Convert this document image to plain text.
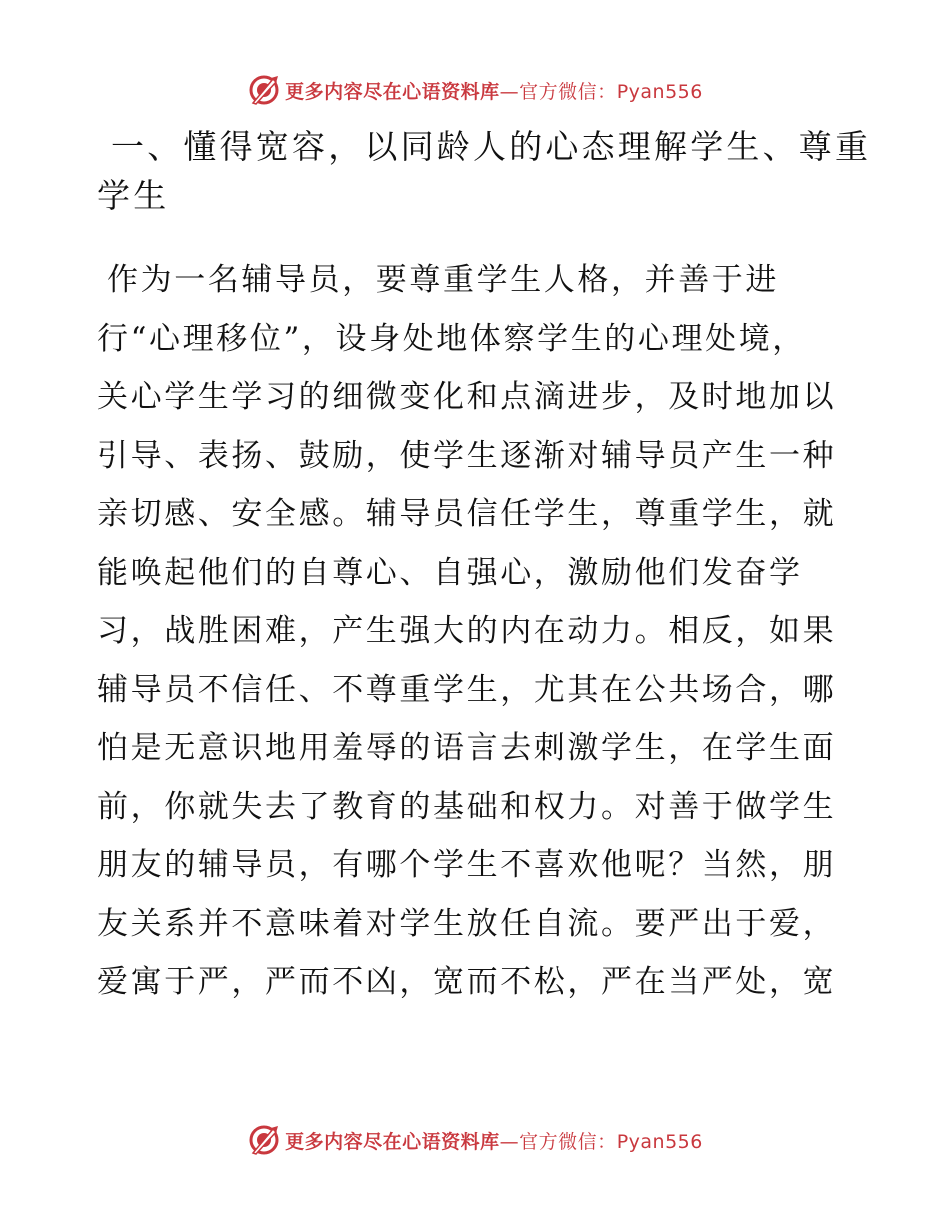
更多内容尽在心语资料库—官方微信：Pyan556
一、懂得宽容，以同龄人的心态理解学生、尊重
学生
作为一名辅导员，要尊重学生人格，并善于进
行“心理移位”，设身处地体察学生的心理处境，
关心学生学习的细微变化和点滴进步，及时地加以
引导、表扬、鼓励，使学生逐渐对辅导员产生一种
亲切感、安全感。辅导员信任学生，尊重学生，就
能唤起他们的自尊心、自强心，激励他们发奋学
习，战胜困难，产生强大的内在动力。相反，如果
辅导员不信任、不尊重学生，尤其在公共场合，哪
怕是无意识地用羞辱的语言去刺激学生，在学生面
前，你就失去了教育的基础和权力。对善于做学生
朋友的辅导员，有哪个学生不喜欢他呢？当然，朋
友关系并不意味着对学生放任自流。要严出于爱，
爱寓于严，严而不凶，宽而不松，严在当严处，宽
更多内容尽在心语资料库—官方微信：Pyan556
